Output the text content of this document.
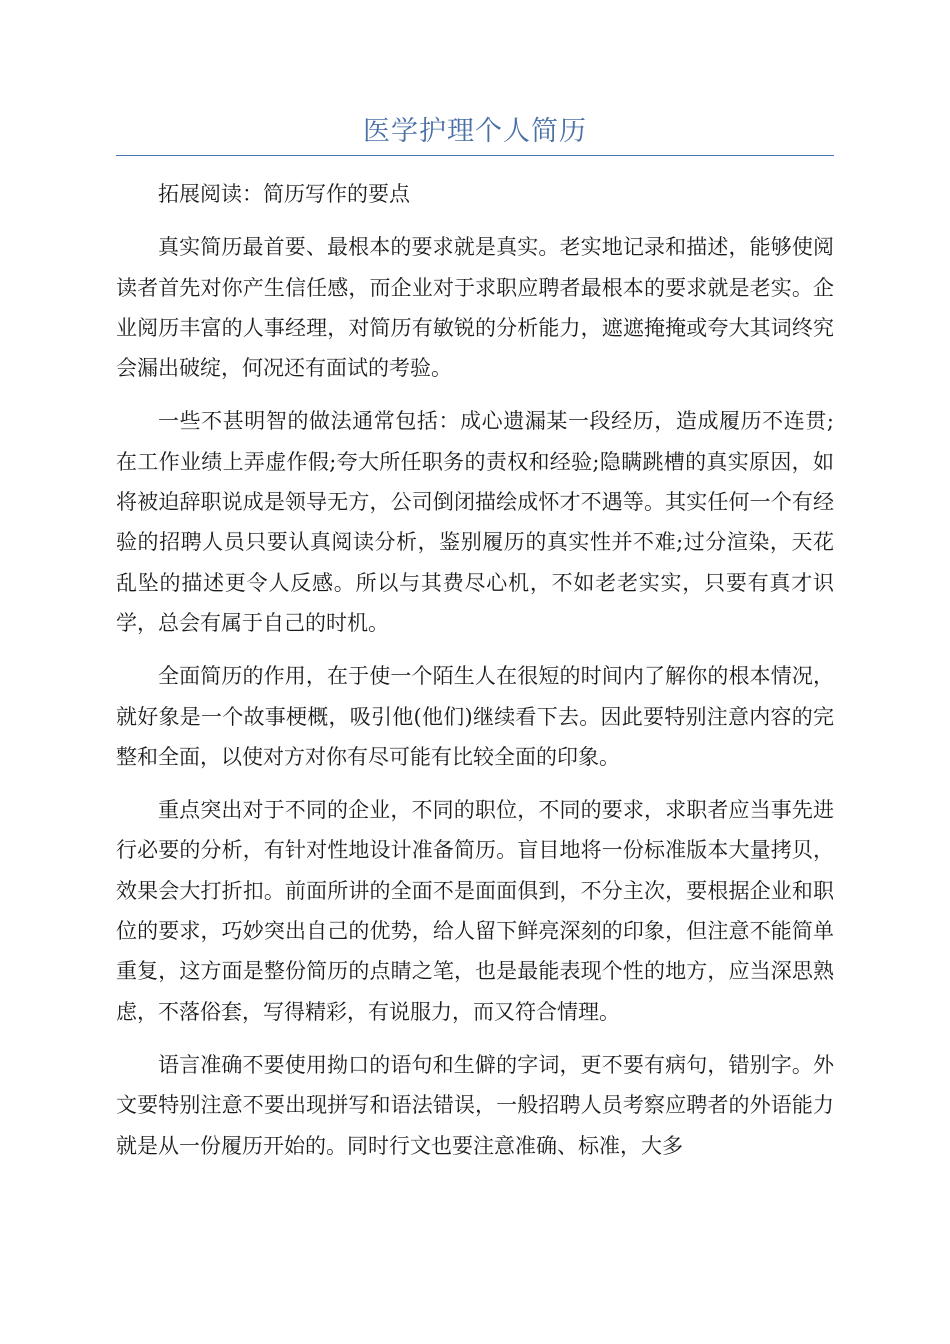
医学护理个人简历

拓展阅读：简历写作的要点

真实简历最首要、最根本的要求就是真实。老实地记录和描述，能够使阅读者首先对你产生信任感，而企业对于求职应聘者最根本的要求就是老实。企业阅历丰富的人事经理，对简历有敏锐的分析能力，遮遮掩掩或夸大其词终究会漏出破绽，何况还有面试的考验。

一些不甚明智的做法通常包括：成心遗漏某一段经历，造成履历不连贯;在工作业绩上弄虚作假;夸大所任职务的责权和经验;隐瞒跳槽的真实原因，如将被迫辞职说成是领导无方，公司倒闭描绘成怀才不遇等。其实任何一个有经验的招聘人员只要认真阅读分析，鉴别履历的真实性并不难;过分渲染，天花乱坠的描述更令人反感。所以与其费尽心机，不如老老实实，只要有真才识学，总会有属于自己的时机。

全面简历的作用，在于使一个陌生人在很短的时间内了解你的根本情况，就好象是一个故事梗概，吸引他(他们)继续看下去。因此要特别注意内容的完整和全面，以使对方对你有尽可能有比较全面的印象。

重点突出对于不同的企业，不同的职位，不同的要求，求职者应当事先进行必要的分析，有针对性地设计准备简历。盲目地将一份标准版本大量拷贝，效果会大打折扣。前面所讲的全面不是面面俱到，不分主次，要根据企业和职位的要求，巧妙突出自己的优势，给人留下鲜亮深刻的印象，但注意不能简单重复，这方面是整份简历的点睛之笔，也是最能表现个性的地方，应当深思熟虑，不落俗套，写得精彩，有说服力，而又符合情理。

语言准确不要使用拗口的语句和生僻的字词，更不要有病句，错别字。外文要特别注意不要出现拼写和语法错误，一般招聘人员考察应聘者的外语能力就是从一份履历开始的。同时行文也要注意准确、标准，大多
